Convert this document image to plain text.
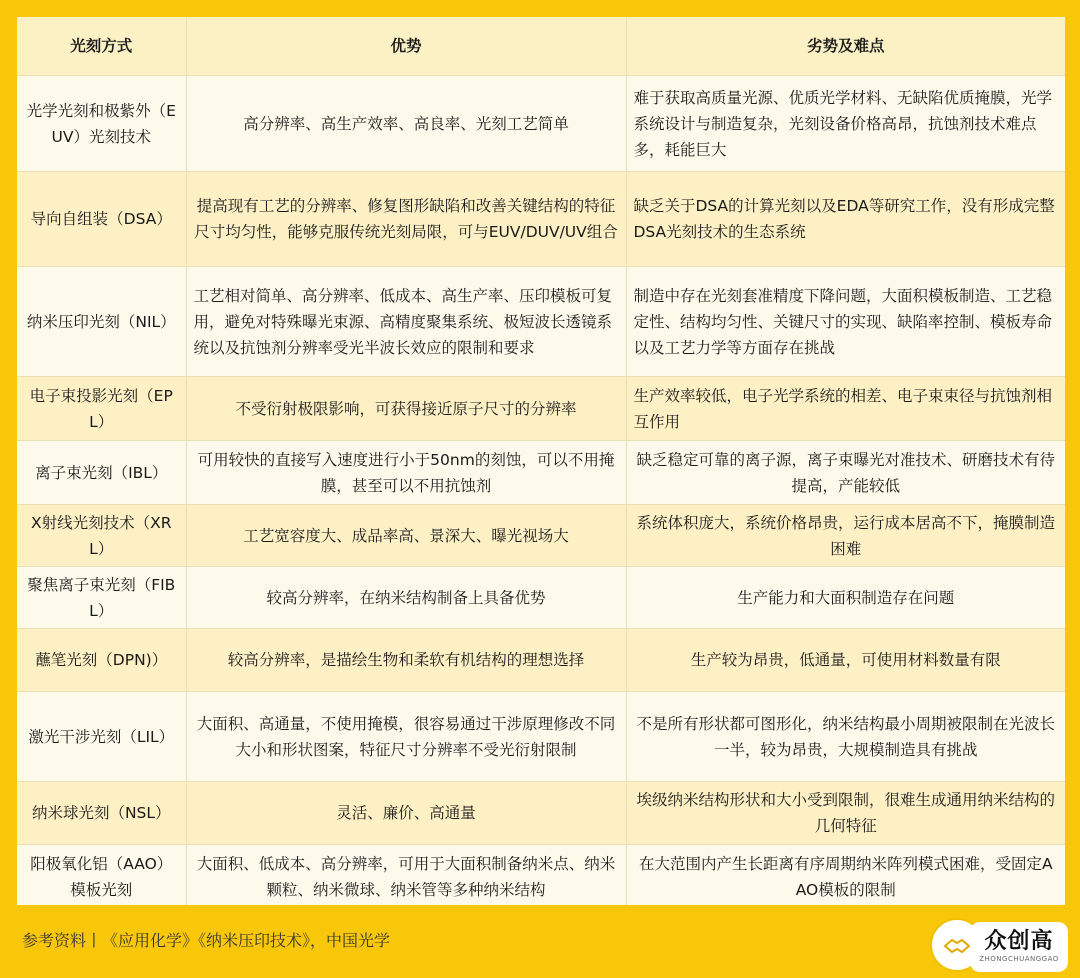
光刻方式	优势	劣势及难点
光学光刻和极紫外（EUV）光刻技术	高分辨率、高生产效率、高良率、光刻工艺简单	难于获取高质量光源、优质光学材料、无缺陷优质掩膜，光学系统设计与制造复杂，光刻设备价格高昂，抗蚀剂技术难点多，耗能巨大
导向自组装（DSA）	提高现有工艺的分辨率、修复图形缺陷和改善关键结构的特征尺寸均匀性，能够克服传统光刻局限，可与EUV/DUV/UV组合	缺乏关于DSA的计算光刻以及EDA等研究工作，没有形成完整DSA光刻技术的生态系统
纳米压印光刻（NIL）	工艺相对简单、高分辨率、低成本、高生产率、压印模板可复用，避免对特殊曝光束源、高精度聚集系统、极短波长透镜系统以及抗蚀剂分辨率受光半波长效应的限制和要求	制造中存在光刻套准精度下降问题，大面积模板制造、工艺稳定性、结构均匀性、关键尺寸的实现、缺陷率控制、模板寿命以及工艺力学等方面存在挑战
电子束投影光刻（EPL）	不受衍射极限影响，可获得接近原子尺寸的分辨率	生产效率较低，电子光学系统的相差、电子束束径与抗蚀剂相互作用
离子束光刻（IBL）	可用较快的直接写入速度进行小于50nm的刻蚀，可以不用掩膜，甚至可以不用抗蚀剂	缺乏稳定可靠的离子源，离子束曝光对准技术、研磨技术有待提高，产能较低
X射线光刻技术（XRL）	工艺宽容度大、成品率高、景深大、曝光视场大	系统体积庞大，系统价格昂贵，运行成本居高不下，掩膜制造困难
聚焦离子束光刻（FIBL）	较高分辨率，在纳米结构制备上具备优势	生产能力和大面积制造存在问题
蘸笔光刻（DPN)）	较高分辨率，是描绘生物和柔软有机结构的理想选择	生产较为昂贵，低通量，可使用材料数量有限
激光干涉光刻（LIL）	大面积、高通量，不使用掩模，很容易通过干涉原理修改不同大小和形状图案，特征尺寸分辨率不受光衍射限制	不是所有形状都可图形化，纳米结构最小周期被限制在光波长一半，较为昂贵，大规模制造具有挑战
纳米球光刻（NSL）	灵活、廉价、高通量	埃级纳米结构形状和大小受到限制，很难生成通用纳米结构的几何特征
阳极氧化铝（AAO）模板光刻	大面积、低成本、高分辨率，可用于大面积制备纳米点、纳米颗粒、纳米微球、纳米管等多种纳米结构	在大范围内产生长距离有序周期纳米阵列模式困难，受固定AAO模板的限制
参考资料丨《应用化学》《纳米压印技术》，中国光学	众创高
ZHONGCHUANGGAO
